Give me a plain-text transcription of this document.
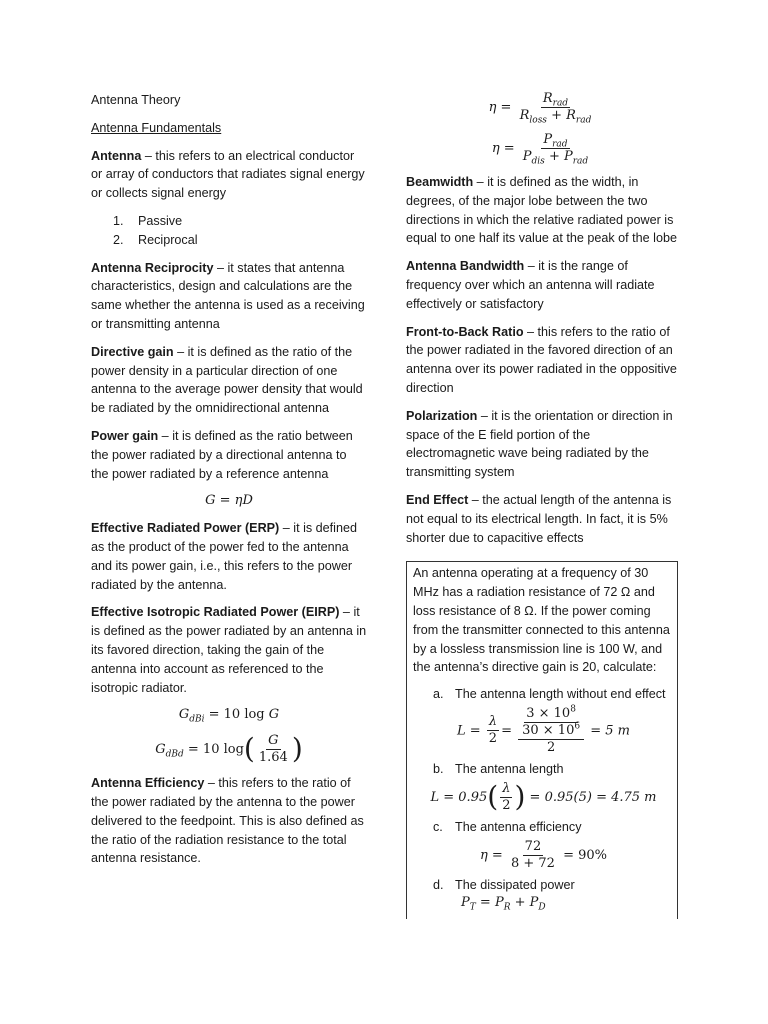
Antenna Theory

Antenna Fundamentals

Antenna – this refers to an electrical conductor or array of conductors that radiates signal energy or collects signal energy

1.	Passive
2.	Reciprocal

Antenna Reciprocity – it states that antenna characteristics, design and calculations are the same whether the antenna is used as a receiving or transmitting antenna

Directive gain – it is defined as the ratio of the power density in a particular direction of one antenna to the average power density that would be radiated by the omnidirectional antenna

Power gain – it is defined as the ratio between the power radiated by a directional antenna to the power radiated by a reference antenna

G = ηD

Effective Radiated Power (ERP) – it is defined as the product of the power fed to the antenna and its power gain, i.e., this refers to the power radiated by the antenna.

Effective Isotropic Radiated Power (EIRP) – it is defined as the power radiated by an antenna in its favored direction, taking the gain of the antenna into account as referenced to the isotropic radiator.

$G_{dBi} = 10$ log G
$G_{dBd} = 10$ $\log( \frac{G}{1.64}$ )

Antenna Efficiency – this refers to the ratio of the power radiated by the antenna to the power delivered to the feedpoint. This is also defined as the ratio of the radiation resistance to the total antenna resistance.

$\eta = \frac{R_{rad}}{R_{loss} + R_{rad}}$
$\eta = \frac{P_{rad}}{P_{dis} + P_{rad}}$

Beamwidth – it is defined as the width, in degrees, of the major lobe between the two directions in which the relative radiated power is equal to one half its value at the peak of the lobe

Antenna Bandwidth – it is the range of frequency over which an antenna will radiate effectively or satisfactory

Front-to-Back Ratio – this refers to the ratio of the power radiated in the favored direction of an antenna over its power radiated in the oppositive direction

Polarization – it is the orientation or direction in space of the E field portion of the electromagnetic wave being radiated by the transmitting system

End Effect – the actual length of the antenna is not equal to its electrical length. In fact, it is 5% shorter due to capacitive effects

An antenna operating at a frequency of 30 MHz has a radiation resistance of 72 Ω and loss resistance of 8 Ω. If the power coming from the transmitter connected to this antenna by a lossless transmission line is 100 W, and the antenna’s directive gain is 20, calculate:

a. The antenna length without end effect
$L = \frac{\lambda}{2} = \frac{\frac{3 \times 10^8}{30 \times 10^6}}{2} = 5$ m
b. The antenna length
$L = 0.95( \frac{\lambda}{2}$ ) = 0.95(5) = 4.75 m
c. The antenna efficiency
$\eta = \frac{72}{8 + 72} = 90\%$
d. The dissipated power
$P_T = P_R + P_D$
